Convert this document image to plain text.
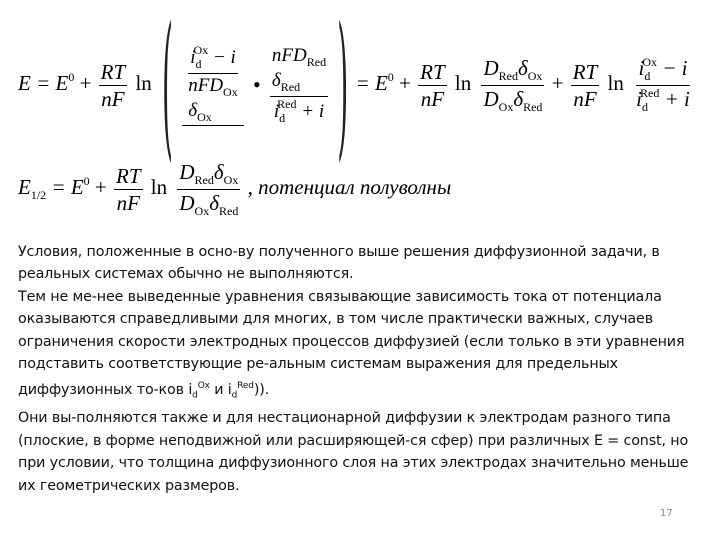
$E = E^0 + \frac{RT}{nF}$ ln ( $i_d^{Ox} - i$
nFD$_{Ox}$
$\delta_{Ox}$
•
nFD$_{Red}$
$\delta_{Red}$
$i_d^{Red} + i$ ) = $E^0 + \frac{RT}{nF}$ $\ln \frac{D_{Red}\delta_{Ox}}{D_{Ox}\delta_{Red}} + \frac{RT}{nF}$ $\ln \frac{i_d^{Ox} - i}{i_d^{Red} + i}$
$E_{1/2} = E^0 + \frac{RT}{nF}$ $\ln \frac{D_{Red}\delta_{Ox}}{D_{Ox}\delta_{Red}}$ , потенциал полуволны

Условия, положенные в осно-ву полученного выше решения диффузионной задачи, в реальных системах обычно не выполняются.

Тем не ме-нее выведенные уравнения связывающие зависимость тока от потенциала оказываются справедливыми для многих, в том числе практически важных, случаев ограничения скорости электродных процессов диффузией (если только в эти уравнения подставить соответствующие ре-альным системам выражения для предельных диффузионных то-ков $i_d^{Ox}$ и $i_d^{Red}$)).

Они вы-полняются также и для нестационарной диффузии к электродам разного типа (плоские, в форме неподвижной или расширяющей-ся сфер) при различных Е = const, но при условии, что толщина диффузионного слоя на этих электродах значительно меньше их геометрических размеров.

17
